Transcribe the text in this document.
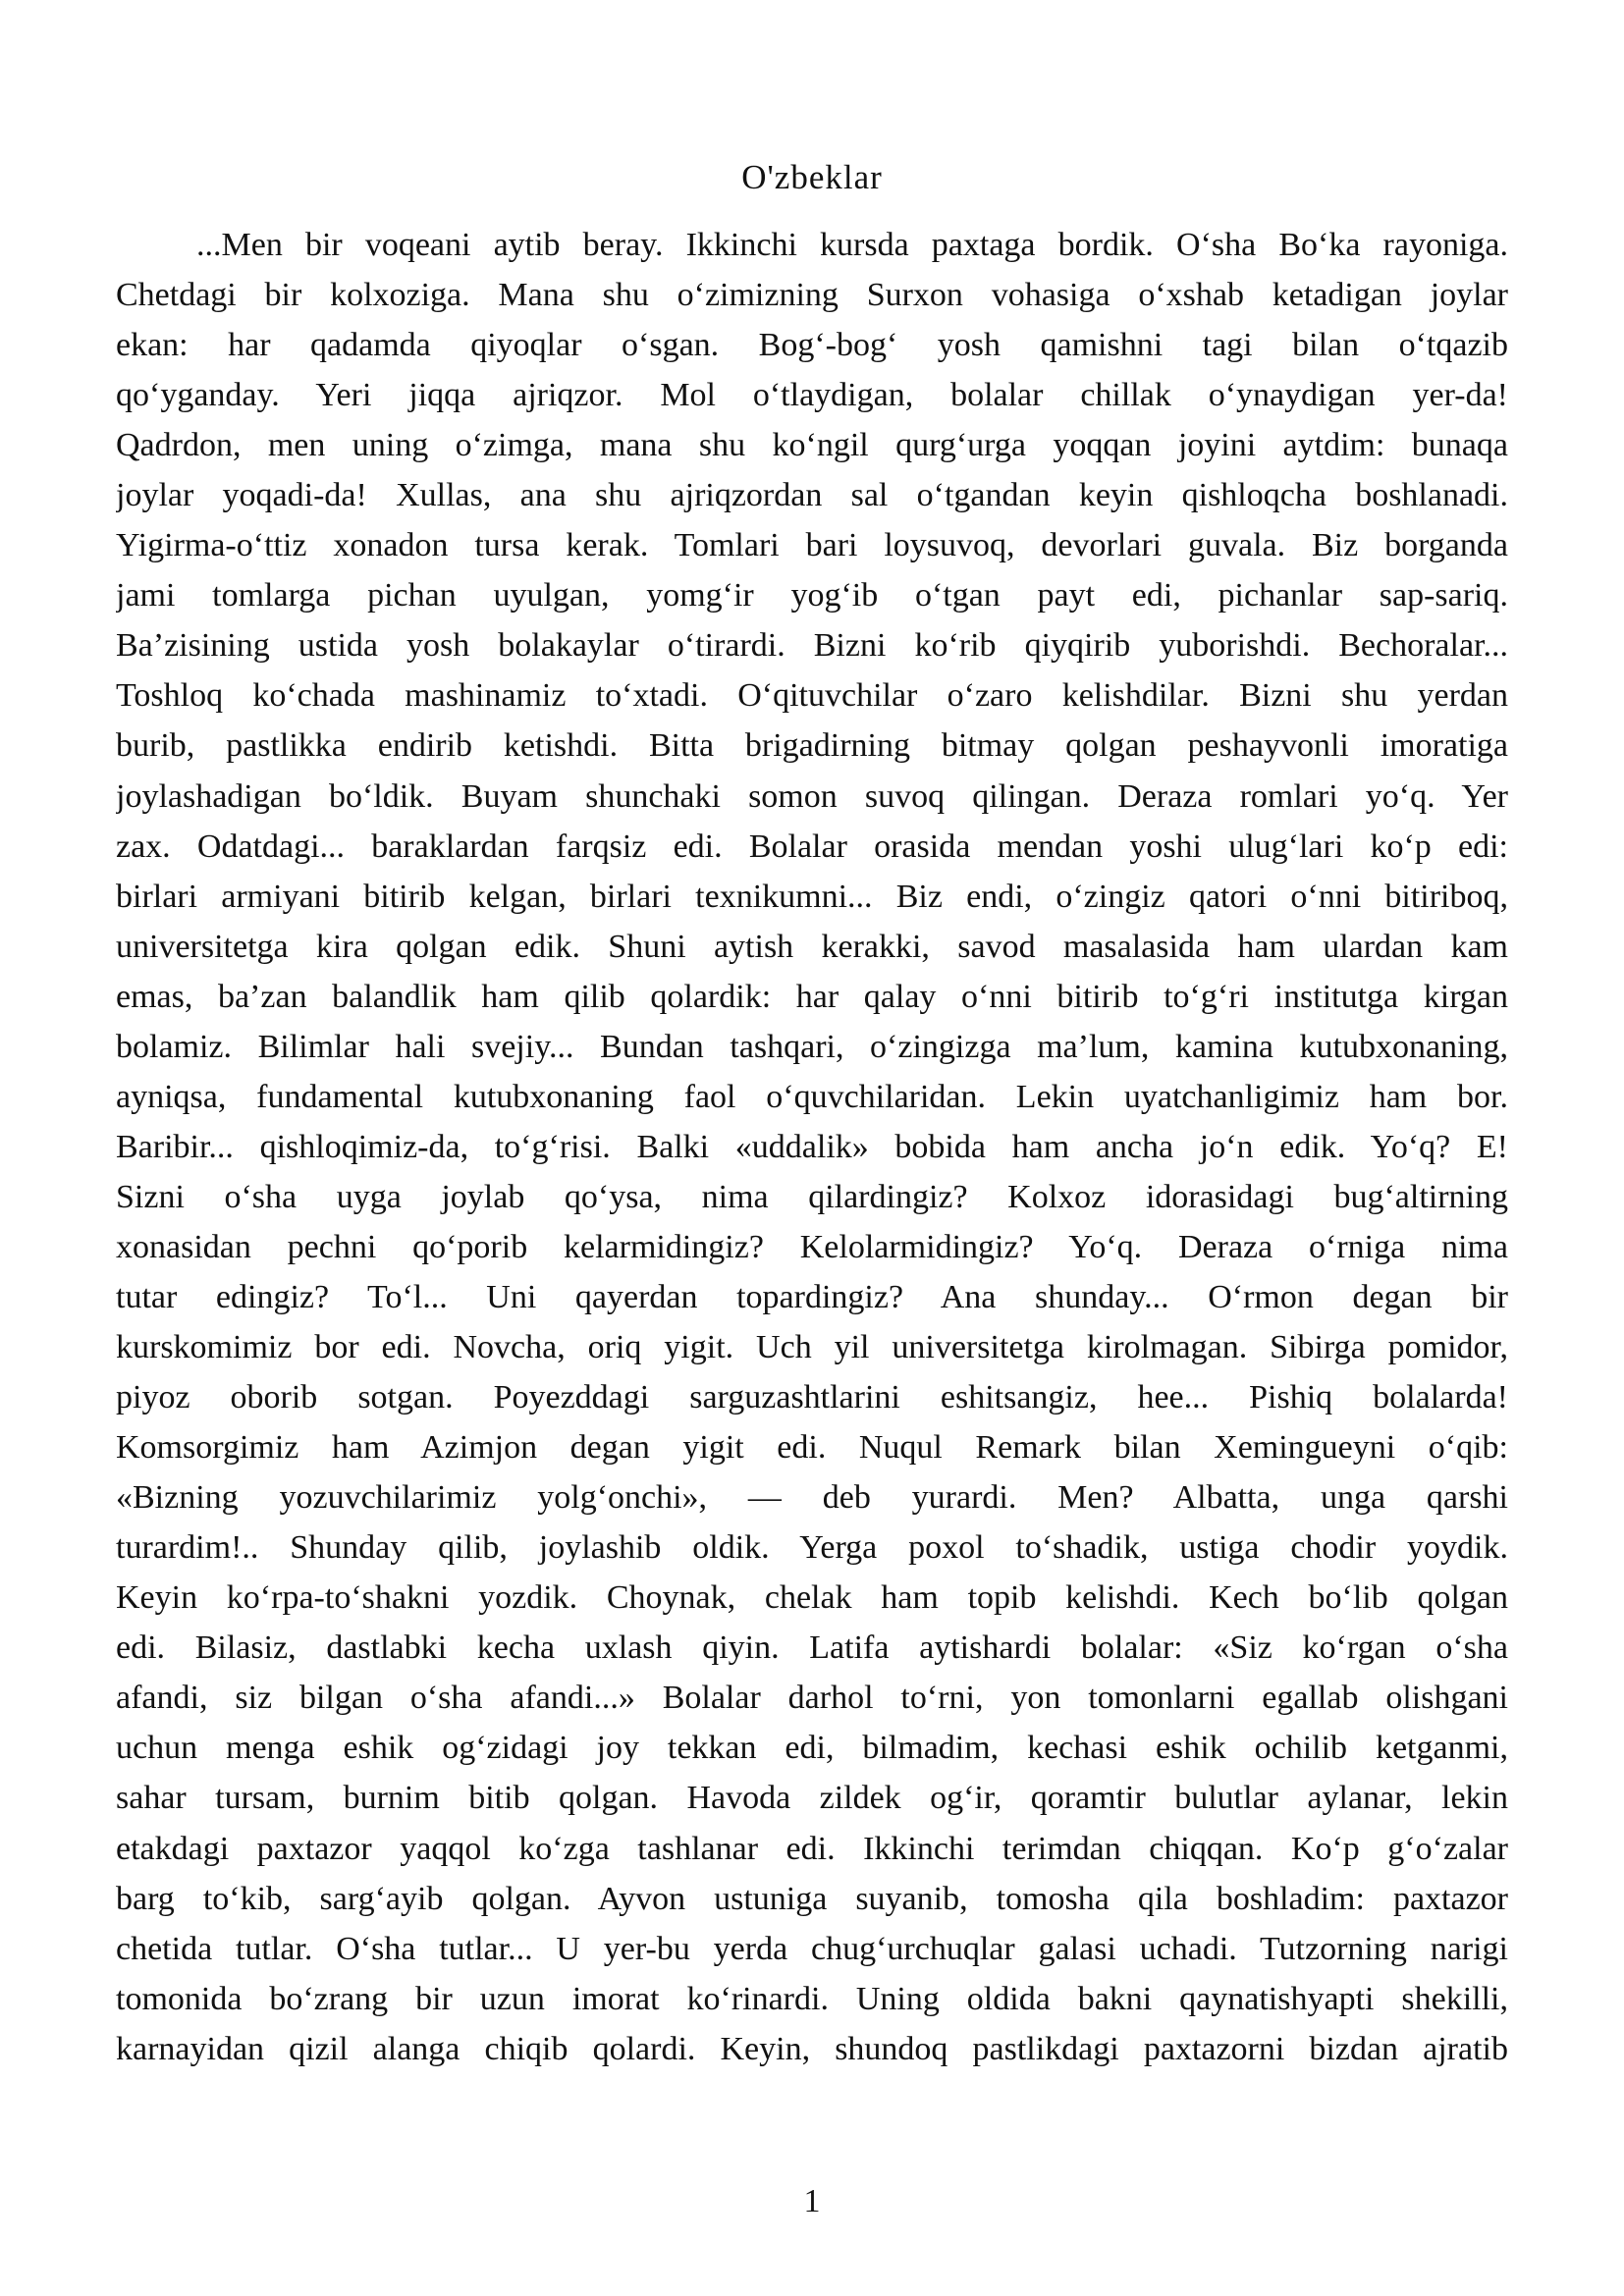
O'zbeklar
...Men bir voqeani aytib beray. Ikkinchi kursda paxtaga bordik. O‘sha Bo‘ka rayoniga.
Chetdagi bir kolxoziga. Mana shu o‘zimizning Surxon vohasiga o‘xshab ketadigan joylar
ekan: har qadamda qiyoqlar o‘sgan. Bog‘-bog‘ yosh qamishni tagi bilan o‘tqazib
qo‘yganday. Yeri jiqqa ajriqzor. Mol o‘tlaydigan, bolalar chillak o‘ynaydigan yer-da!
Qadrdon, men uning o‘zimga, mana shu ko‘ngil qurg‘urga yoqqan joyini aytdim: bunaqa
joylar yoqadi-da! Xullas, ana shu ajriqzordan sal o‘tgandan keyin qishloqcha boshlanadi.
Yigirma-o‘ttiz xonadon tursa kerak. Tomlari bari loysuvoq, devorlari guvala. Biz borganda
jami tomlarga pichan uyulgan, yomg‘ir yog‘ib o‘tgan payt edi, pichanlar sap-sariq.
Ba’zisining ustida yosh bolakaylar o‘tirardi. Bizni ko‘rib qiyqirib yuborishdi. Bechoralar...
Toshloq ko‘chada mashinamiz to‘xtadi. O‘qituvchilar o‘zaro kelishdilar. Bizni shu yerdan
burib, pastlikka endirib ketishdi. Bitta brigadirning bitmay qolgan peshayvonli imoratiga
joylashadigan bo‘ldik. Buyam shunchaki somon suvoq qilingan. Deraza romlari yo‘q. Yer
zax. Odatdagi... baraklardan farqsiz edi. Bolalar orasida mendan yoshi ulug‘lari ko‘p edi:
birlari armiyani bitirib kelgan, birlari texnikumni... Biz endi, o‘zingiz qatori o‘nni bitiriboq,
universitetga kira qolgan edik. Shuni aytish kerakki, savod masalasida ham ulardan kam
emas, ba’zan balandlik ham qilib qolardik: har qalay o‘nni bitirib to‘g‘ri institutga kirgan
bolamiz. Bilimlar hali svejiy... Bundan tashqari, o‘zingizga ma’lum, kamina kutubxonaning,
ayniqsa, fundamental kutubxonaning faol o‘quvchilaridan. Lekin uyatchanligimiz ham bor.
Baribir... qishloqimiz-da, to‘g‘risi. Balki «uddalik» bobida ham ancha jo‘n edik. Yo‘q? E!
Sizni o‘sha uyga joylab qo‘ysa, nima qilardingiz? Kolxoz idorasidagi bug‘altirning
xonasidan pechni qo‘porib kelarmidingiz? Kelolarmidingiz? Yo‘q. Deraza o‘rniga nima
tutar edingiz? To‘l... Uni qayerdan topardingiz? Ana shunday... O‘rmon degan bir
kurskomimiz bor edi. Novcha, oriq yigit. Uch yil universitetga kirolmagan. Sibirga pomidor,
piyoz oborib sotgan. Poyezddagi sarguzashtlarini eshitsangiz, hee... Pishiq bolalarda!
Komsorgimiz ham Azimjon degan yigit edi. Nuqul Remark bilan Xemingueyni o‘qib:
«Bizning yozuvchilarimiz yolg‘onchi», — deb yurardi. Men? Albatta, unga qarshi
turardim!.. Shunday qilib, joylashib oldik. Yerga poxol to‘shadik, ustiga chodir yoydik.
Keyin ko‘rpa-to‘shakni yozdik. Choynak, chelak ham topib kelishdi. Kech bo‘lib qolgan
edi. Bilasiz, dastlabki kecha uxlash qiyin. Latifa aytishardi bolalar: «Siz ko‘rgan o‘sha
afandi, siz bilgan o‘sha afandi...» Bolalar darhol to‘rni, yon tomonlarni egallab olishgani
uchun menga eshik og‘zidagi joy tekkan edi, bilmadim, kechasi eshik ochilib ketganmi,
sahar tursam, burnim bitib qolgan. Havoda zildek og‘ir, qoramtir bulutlar aylanar, lekin
etakdagi paxtazor yaqqol ko‘zga tashlanar edi. Ikkinchi terimdan chiqqan. Ko‘p g‘o‘zalar
barg to‘kib, sarg‘ayib qolgan. Ayvon ustuniga suyanib, tomosha qila boshladim: paxtazor
chetida tutlar. O‘sha tutlar... U yer-bu yerda chug‘urchuqlar galasi uchadi. Tutzorning narigi
tomonida bo‘zrang bir uzun imorat ko‘rinardi. Uning oldida bakni qaynatishyapti shekilli,
karnayidan qizil alanga chiqib qolardi. Keyin, shundoq pastlikdagi paxtazorni bizdan ajratib
1
